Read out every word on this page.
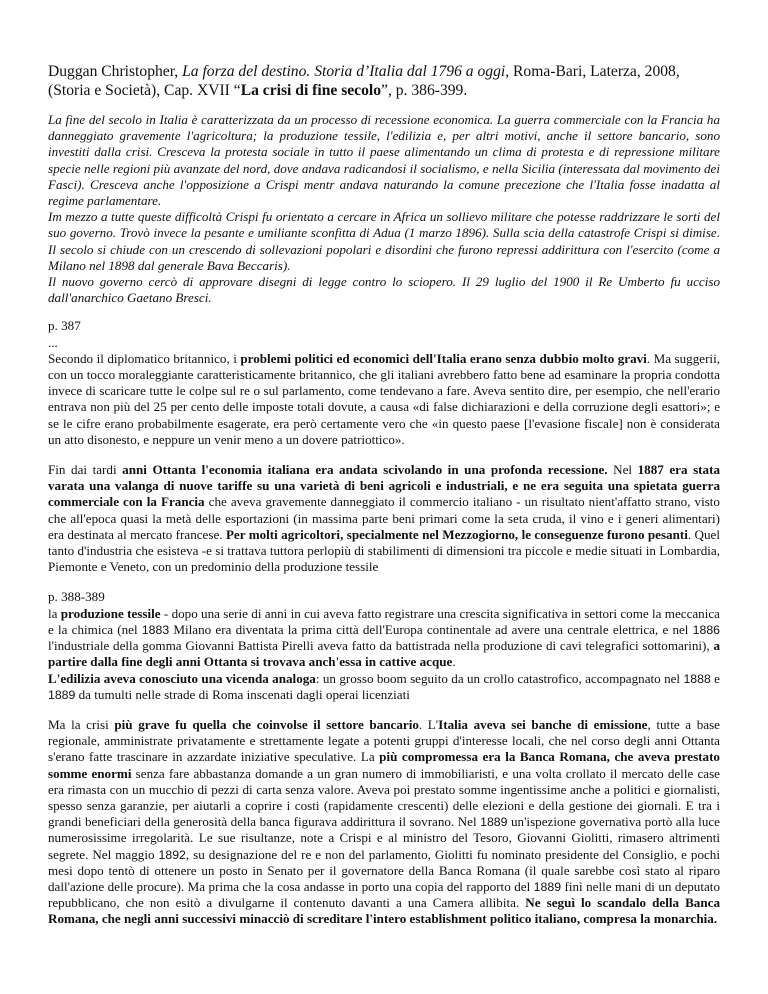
Duggan Christopher, La forza del destino. Storia d’Italia dal 1796 a oggi, Roma-Bari, Laterza, 2008, (Storia e Società), Cap. XVII “La crisi di fine secolo”, p. 386-399.

La fine del secolo in Italia è caratterizzata da un processo di recessione economica. La guerra commerciale con la Francia ha danneggiato gravemente l'agricoltura; la produzione tessile, l'edilizia e, per altri motivi, anche il settore bancario, sono investiti dalla crisi. Cresceva la protesta sociale in tutto il paese alimentando un clima di protesta e di repressione militare specie nelle regioni più avanzate del nord, dove andava radicandosi il socialismo, e nella Sicilia (interessata dal movimento dei Fasci). Cresceva anche l'opposizione a Crispi mentr andava naturando la comune precezione che l'Italia fosse inadatta al regime parlamentare.

Im mezzo a tutte queste difficoltà Crispi fu orientato a cercare in Africa un sollievo militare che potesse raddrizzare le sorti del suo governo. Trovò invece la pesante e umiliante sconfitta di Adua (1 marzo 1896). Sulla scia della catastrofe Crispi si dimise. Il secolo si chiude con un crescendo di sollevazioni popolari e disordini che furono repressi addirittura con l'esercito (come a Milano nel 1898 dal generale Bava Beccaris).

Il nuovo governo cercò di approvare disegni di legge contro lo sciopero. Il 29 luglio del 1900 il Re Umberto fu ucciso dall'anarchico Gaetano Bresci.

p. 387
...
Secondo il diplomatico britannico, i problemi politici ed economici dell'Italia erano senza dubbio molto gravi. Ma suggerii, con un tocco moraleggiante caratteristicamente britannico, che gli italiani avrebbero fatto bene ad esaminare la propria condotta invece di scaricare tutte le colpe sul re o sul parlamento, come tendevano a fare. Aveva sentito dire, per esempio, che nell'erario entrava non più del 25 per cento delle imposte totali dovute, a causa «di false dichiarazioni e della corruzione degli esattori»; e se le cifre erano probabilmente esagerate, era però certamente vero che «in questo paese [l'evasione fiscale] non è considerata un atto disonesto, e neppure un venir meno a un dovere patriottico».

Fin dai tardi anni Ottanta l'economia italiana era andata scivolando in una profonda recessione. Nel 1887 era stata varata una valanga di nuove tariffe su una varietà di beni agricoli e industriali, e ne era seguita una spietata guerra commerciale con la Francia che aveva gravemente danneggiato il commercio italiano - un risultato nient'affatto strano, visto che all'epoca quasi la metà delle esportazioni (in massima parte beni primari come la seta cruda, il vino e i generi alimentari) era destinata al mercato francese. Per molti agricoltori, specialmente nel Mezzogiorno, le conseguenze furono pesanti. Quel tanto d'industria che esisteva -e si trattava tuttora perlopiù di stabilimenti di dimensioni tra piccole e medie situati in Lombardia, Piemonte e Veneto, con un predominio della produzione tessile

p. 388-389
la produzione tessile - dopo una serie di anni in cui aveva fatto registrare una crescita significativa in settori come la meccanica e la chimica (nel 1883 Milano era diventata la prima città dell'Europa continentale ad avere una centrale elettrica, e nel 1886 l'industriale della gomma Giovanni Battista Pirelli aveva fatto da battistrada nella produzione di cavi telegrafici sottomarini), a partire dalla fine degli anni Ottanta si trovava anch'essa in cattive acque.
L'edilizia aveva conosciuto una vicenda analoga: un grosso boom seguito da un crollo catastrofico, accompagnato nel 1888 e 1889 da tumulti nelle strade di Roma inscenati dagli operai licenziati

Ma la crisi più grave fu quella che coinvolse il settore bancario. L'Italia aveva sei banche di emissione, tutte a base regionale, amministrate privatamente e strettamente legate a potenti gruppi d'interesse locali, che nel corso degli anni Ottanta s'erano fatte trascinare in azzardate iniziative speculative. La più compromessa era la Banca Romana, che aveva prestato somme enormi senza fare abbastanza domande a un gran numero di immobiliaristi, e una volta crollato il mercato delle case era rimasta con un mucchio di pezzi di carta senza valore. Aveva poi prestato somme ingentissime anche a politici e giornalisti, spesso senza garanzie, per aiutarli a coprire i costi (rapidamente crescenti) delle elezioni e della gestione dei giornali. E tra i grandi beneficiari della generosità della banca figurava addirittura il sovrano. Nel 1889 un'ispezione governativa portò alla luce numerosissime irregolarità. Le sue risultanze, note a Crispi e al ministro del Tesoro, Giovanni Giolitti, rimasero altrimenti segrete. Nel maggio 1892, su designazione del re e non del parlamento, Giolitti fu nominato presidente del Consiglio, e pochi mesi dopo tentò di ottenere un posto in Senato per il governatore della Banca Romana (il quale sarebbe così stato al riparo dall'azione delle procure). Ma prima che la cosa andasse in porto una copia del rapporto del 1889 finì nelle mani di un deputato repubblicano, che non esitò a divulgarne il contenuto davanti a una Camera allibita. Ne seguì lo scandalo della Banca Romana, che negli anni successivi minacciò di screditare l'intero establishment politico italiano, compresa la monarchia.
